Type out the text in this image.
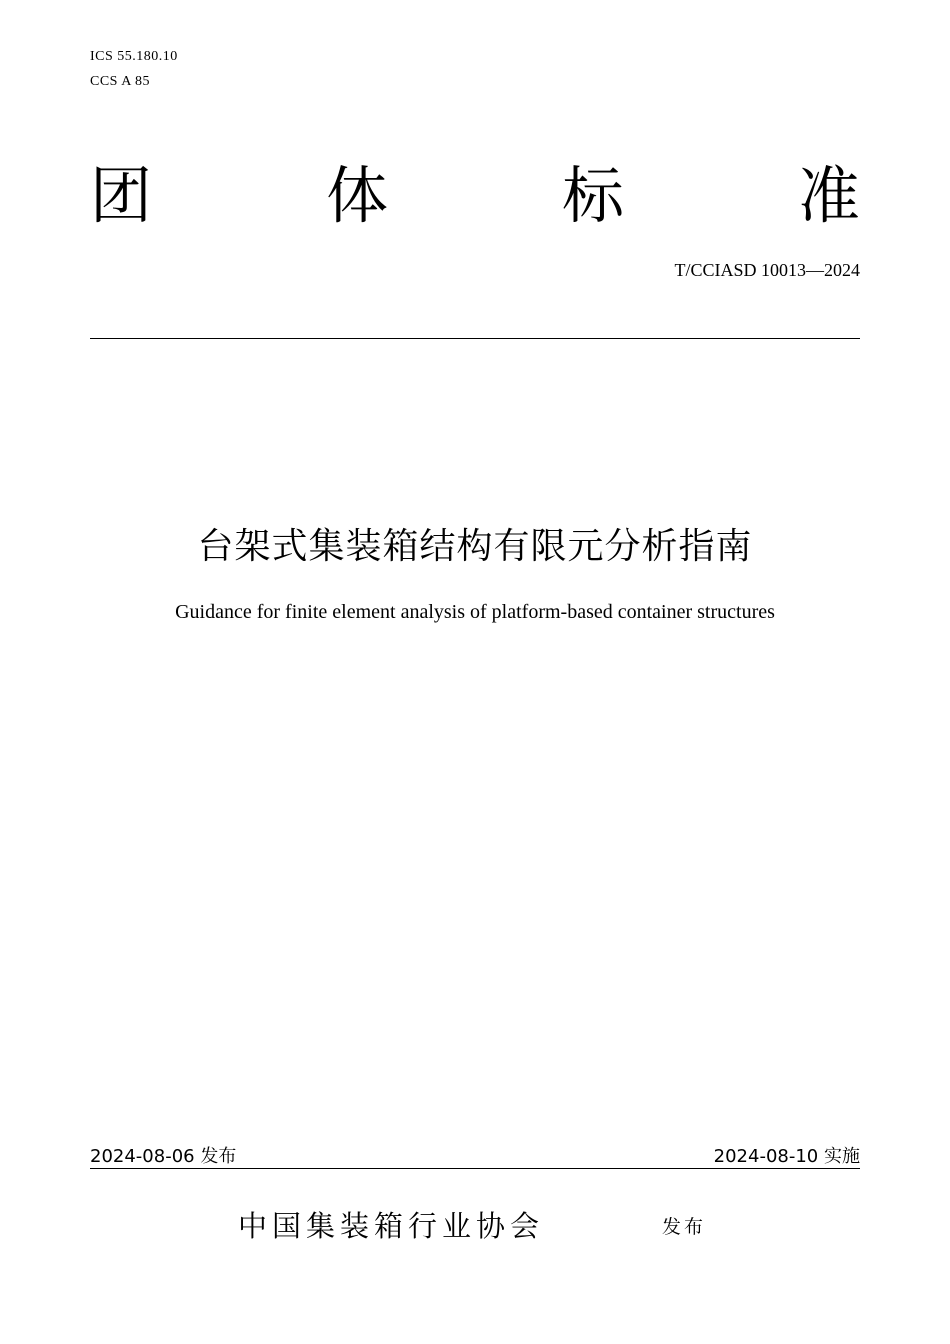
ICS 55.180.10
CCS A 85
团	体	标	准
T/CCIASD 10013—2024
台架式集装箱结构有限元分析指南
Guidance for finite element analysis of platform-based container structures
2024-08-06 发布	2024-08-10 实施
中国集装箱行业协会	发布
